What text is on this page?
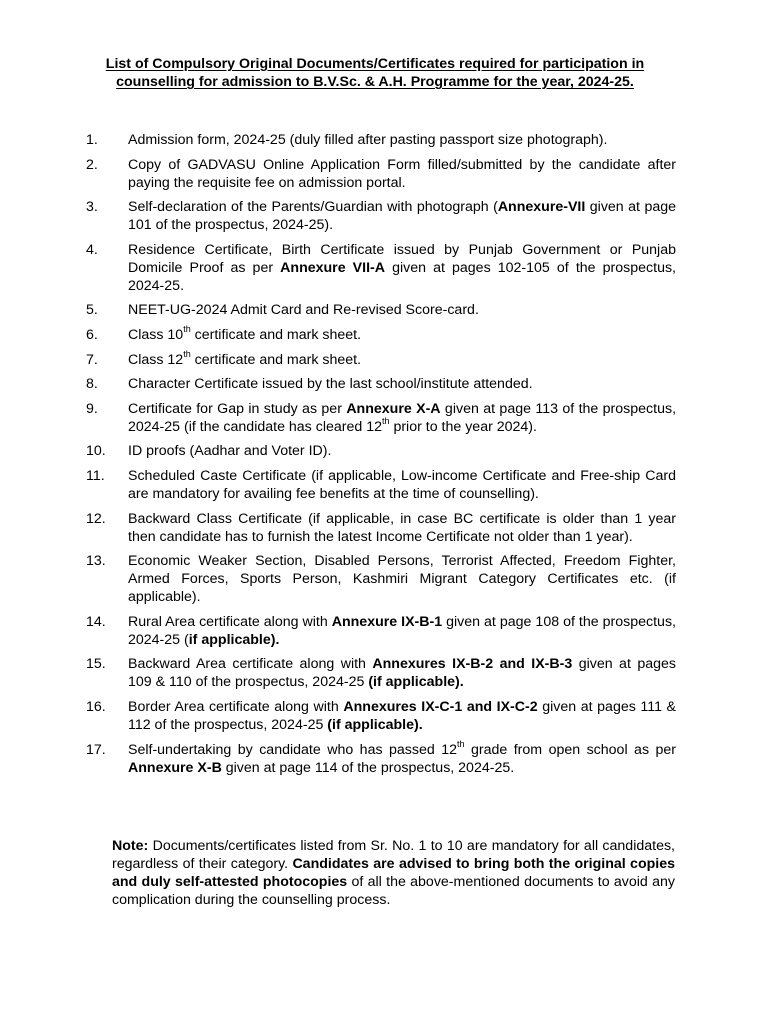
List of Compulsory Original Documents/Certificates required for participation in
counselling for admission to B.V.Sc. & A.H. Programme for the year, 2024-25.
1.	Admission form, 2024-25 (duly filled after pasting passport size photograph).
2.	Copy of GADVASU Online Application Form filled/submitted by the candidate after paying the requisite fee on admission portal.
3.	Self-declaration of the Parents/Guardian with photograph (Annexure-VII given at page 101 of the prospectus, 2024-25).
4.	Residence Certificate, Birth Certificate issued by Punjab Government or Punjab Domicile Proof as per Annexure VII-A given at pages 102-105 of the prospectus, 2024-25.
5.	NEET-UG-2024 Admit Card and Re-revised Score-card.
6.	Class 10th certificate and mark sheet.
7.	Class 12th certificate and mark sheet.
8.	Character Certificate issued by the last school/institute attended.
9.	Certificate for Gap in study as per Annexure X-A given at page 113 of the prospectus, 2024-25 (if the candidate has cleared 12th prior to the year 2024).
10.	ID proofs (Aadhar and Voter ID).
11.	Scheduled Caste Certificate (if applicable, Low-income Certificate and Free-ship Card are mandatory for availing fee benefits at the time of counselling).
12.	Backward Class Certificate (if applicable, in case BC certificate is older than 1 year then candidate has to furnish the latest Income Certificate not older than 1 year).
13.	Economic Weaker Section, Disabled Persons, Terrorist Affected, Freedom Fighter, Armed Forces, Sports Person, Kashmiri Migrant Category Certificates etc. (if applicable).
14.	Rural Area certificate along with Annexure IX-B-1 given at page 108 of the prospectus, 2024-25 (if applicable).
15.	Backward Area certificate along with Annexures IX-B-2 and IX-B-3 given at pages 109 & 110 of the prospectus, 2024-25 (if applicable).
16.	Border Area certificate along with Annexures IX-C-1 and IX-C-2 given at pages 111 & 112 of the prospectus, 2024-25 (if applicable).
17.	Self-undertaking by candidate who has passed 12th grade from open school as per Annexure X-B given at page 114 of the prospectus, 2024-25.
Note: Documents/certificates listed from Sr. No. 1 to 10 are mandatory for all candidates, regardless of their category. Candidates are advised to bring both the original copies and duly self-attested photocopies of all the above-mentioned documents to avoid any complication during the counselling process.
